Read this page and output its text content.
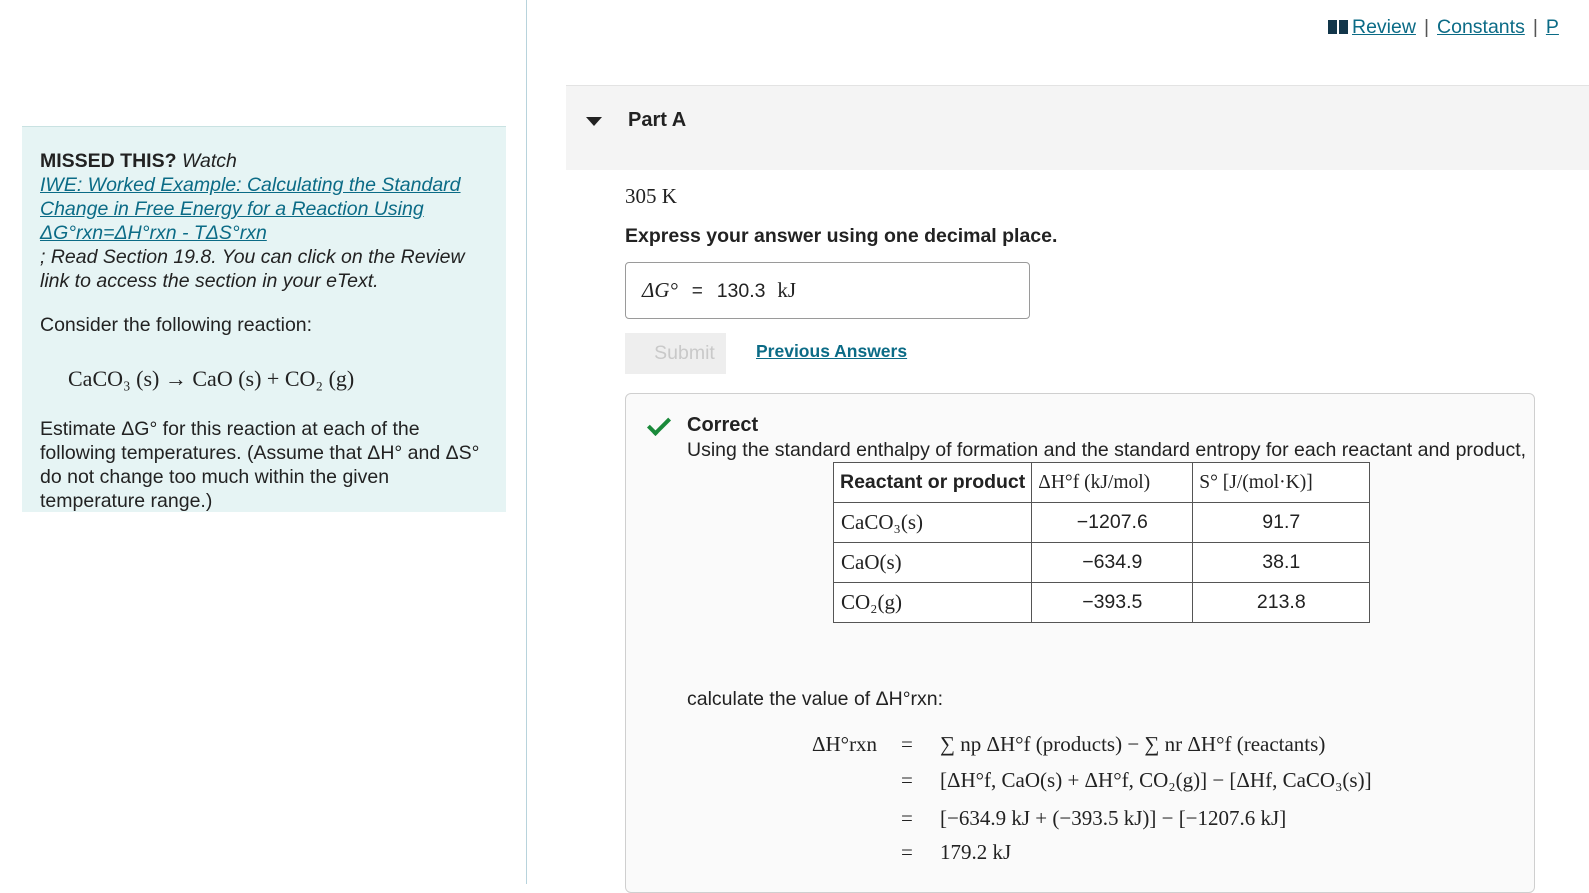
MISSED THIS? Watch
IWE: Worked Example: Calculating the Standard Change in Free Energy for a Reaction Using ΔG°rxn=ΔH°rxn - TΔS°rxn
; Read Section 19.8. You can click on the Review link to access the section in your eText.
Consider the following reaction:
CaCO₃ (s) → CaO (s) + CO₂ (g)
Estimate ΔG° for this reaction at each of the following temperatures. (Assume that ΔH° and ΔS° do not change too much within the given temperature range.)
Review | Constants | P
Part A
305 K
Express your answer using one decimal place.
ΔG° = 130.3 kJ
Submit	Previous Answers
Correct
Using the standard enthalpy of formation and the standard entropy for each reactant and product,
Reactant or product	ΔH°f (kJ/mol)	S° [J/(mol·K)]
CaCO₃(s)	−1207.6	91.7
CaO(s)	−634.9	38.1
CO₂(g)	−393.5	213.8
calculate the value of ΔH°rxn:
ΔH°rxn = ∑ np ΔH°f (products) − ∑ nr ΔH°f (reactants)
= [ΔH°f, CaO(s) + ΔH°f, CO₂(g)] − [ΔHf, CaCO₃(s)]
= [−634.9 kJ + (−393.5 kJ)] − [−1207.6 kJ]
= 179.2 kJ
